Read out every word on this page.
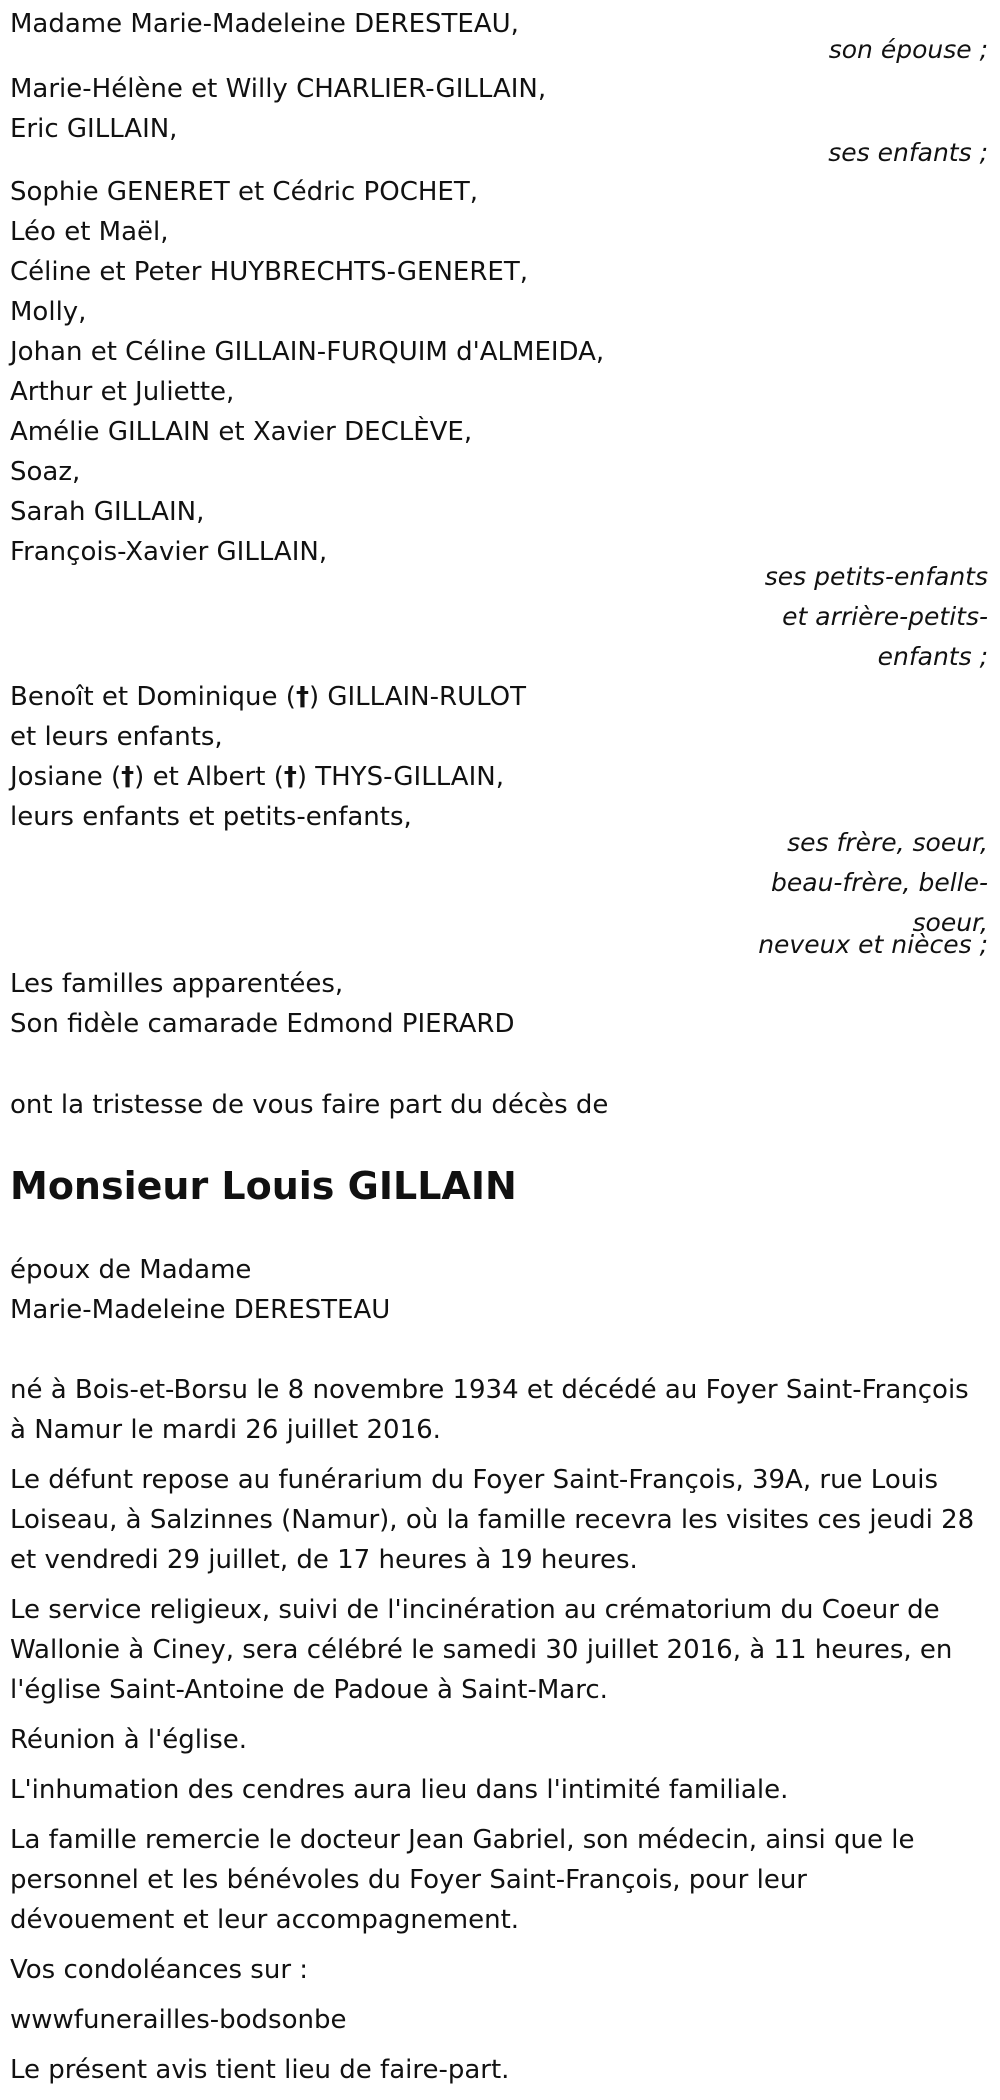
Madame Marie-Madeleine DERESTEAU,
son épouse ;
Marie-Hélène et Willy CHARLIER-GILLAIN,
Eric GILLAIN,
ses enfants ;
Sophie GENERET et Cédric POCHET,
Léo et Maël,
Céline et Peter HUYBRECHTS-GENERET,
Molly,
Johan et Céline GILLAIN-FURQUIM d'ALMEIDA,
Arthur et Juliette,
Amélie GILLAIN et Xavier DECLÈVE,
Soaz,
Sarah GILLAIN,
François-Xavier GILLAIN,
ses petits-enfants
et arrière-petits-
enfants ;
Benoît et Dominique (†) GILLAIN-RULOT
et leurs enfants,
Josiane (†) et Albert (†) THYS-GILLAIN,
leurs enfants et petits-enfants,
ses frère, soeur,
beau-frère, belle-
soeur,
neveux et nièces ;
Les familles apparentées,
Son fidèle camarade Edmond PIERARD
ont la tristesse de vous faire part du décès de
Monsieur Louis GILLAIN
époux de Madame
Marie-Madeleine DERESTEAU
né à Bois-et-Borsu le 8 novembre 1934 et décédé au Foyer Saint-François
à Namur le mardi 26 juillet 2016.
Le défunt repose au funérarium du Foyer Saint-François, 39A, rue Louis
Loiseau, à Salzinnes (Namur), où la famille recevra les visites ces jeudi 28
et vendredi 29 juillet, de 17 heures à 19 heures.
Le service religieux, suivi de l'incinération au crématorium du Coeur de
Wallonie à Ciney, sera célébré le samedi 30 juillet 2016, à 11 heures, en
l'église Saint-Antoine de Padoue à Saint-Marc.
Réunion à l'église.
L'inhumation des cendres aura lieu dans l'intimité familiale.
La famille remercie le docteur Jean Gabriel, son médecin, ainsi que le
personnel et les bénévoles du Foyer Saint-François, pour leur
dévouement et leur accompagnement.
Vos condoléances sur :
wwwfunerailles-bodsonbe
Le présent avis tient lieu de faire-part.
